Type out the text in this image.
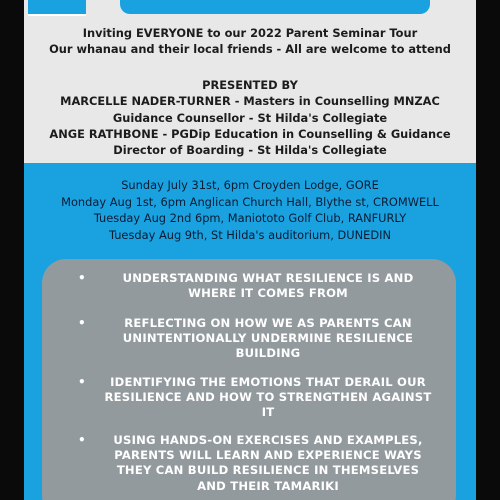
Inviting EVERYONE to our 2022 Parent Seminar Tour
Our whanau and their local friends - All are welcome to attend
PRESENTED BY
MARCELLE NADER-TURNER - Masters in Counselling MNZAC
Guidance Counsellor - St Hilda's Collegiate
ANGE RATHBONE - PGDip Education in Counselling & Guidance
Director of Boarding - St Hilda's Collegiate
Sunday July 31st, 6pm Croyden Lodge, GORE
Monday Aug 1st, 6pm Anglican Church Hall, Blythe st, CROMWELL
Tuesday Aug 2nd 6pm, Maniototo Golf Club, RANFURLY
Tuesday Aug 9th, St Hilda's auditorium, DUNEDIN
•	UNDERSTANDING WHAT RESILIENCE IS AND WHERE IT COMES FROM
•	REFLECTING ON HOW WE AS PARENTS CAN UNINTENTIONALLY UNDERMINE RESILIENCE BUILDING
•	IDENTIFYING THE EMOTIONS THAT DERAIL OUR RESILIENCE AND HOW TO STRENGTHEN AGAINST IT
•	USING HANDS-ON EXERCISES AND EXAMPLES, PARENTS WILL LEARN AND EXPERIENCE WAYS THEY CAN BUILD RESILIENCE IN THEMSELVES AND THEIR TAMARIKI
